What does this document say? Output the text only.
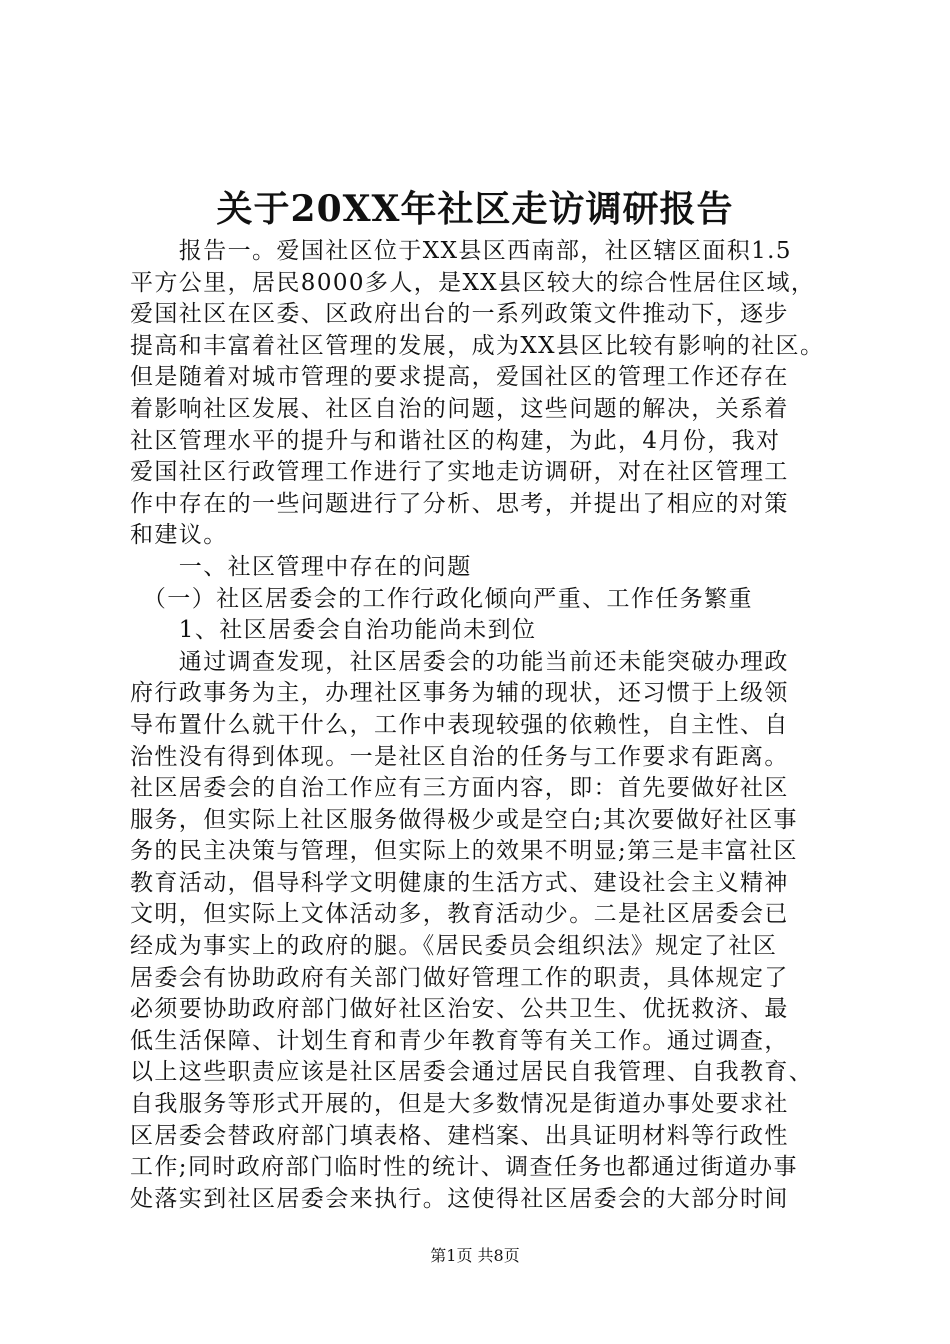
关于20XX年社区走访调研报告
　　报告一。爱国社区位于XX县区西南部，社区辖区面积1.5
平方公里，居民8000多人，是XX县区较大的综合性居住区域，
爱国社区在区委、区政府出台的一系列政策文件推动下，逐步
提高和丰富着社区管理的发展，成为XX县区比较有影响的社区。
但是随着对城市管理的要求提高，爱国社区的管理工作还存在
着影响社区发展、社区自治的问题，这些问题的解决，关系着
社区管理水平的提升与和谐社区的构建，为此，4月份，我对
爱国社区行政管理工作进行了实地走访调研，对在社区管理工
作中存在的一些问题进行了分析、思考，并提出了相应的对策
和建议。
　　一、社区管理中存在的问题
　（一）社区居委会的工作行政化倾向严重、工作任务繁重
　　1、社区居委会自治功能尚未到位
　　通过调查发现，社区居委会的功能当前还未能突破办理政
府行政事务为主，办理社区事务为辅的现状，还习惯于上级领
导布置什么就干什么，工作中表现较强的依赖性，自主性、自
治性没有得到体现。一是社区自治的任务与工作要求有距离。
社区居委会的自治工作应有三方面内容，即：首先要做好社区
服务，但实际上社区服务做得极少或是空白;其次要做好社区事
务的民主决策与管理，但实际上的效果不明显;第三是丰富社区
教育活动，倡导科学文明健康的生活方式、建设社会主义精神
文明，但实际上文体活动多，教育活动少。二是社区居委会已
经成为事实上的政府的腿。《居民委员会组织法》规定了社区
居委会有协助政府有关部门做好管理工作的职责，具体规定了
必须要协助政府部门做好社区治安、公共卫生、优抚救济、最
低生活保障、计划生育和青少年教育等有关工作。通过调查，
以上这些职责应该是社区居委会通过居民自我管理、自我教育、
自我服务等形式开展的，但是大多数情况是街道办事处要求社
区居委会替政府部门填表格、建档案、出具证明材料等行政性
工作;同时政府部门临时性的统计、调查任务也都通过街道办事
处落实到社区居委会来执行。这使得社区居委会的大部分时间
第1页 共8页
